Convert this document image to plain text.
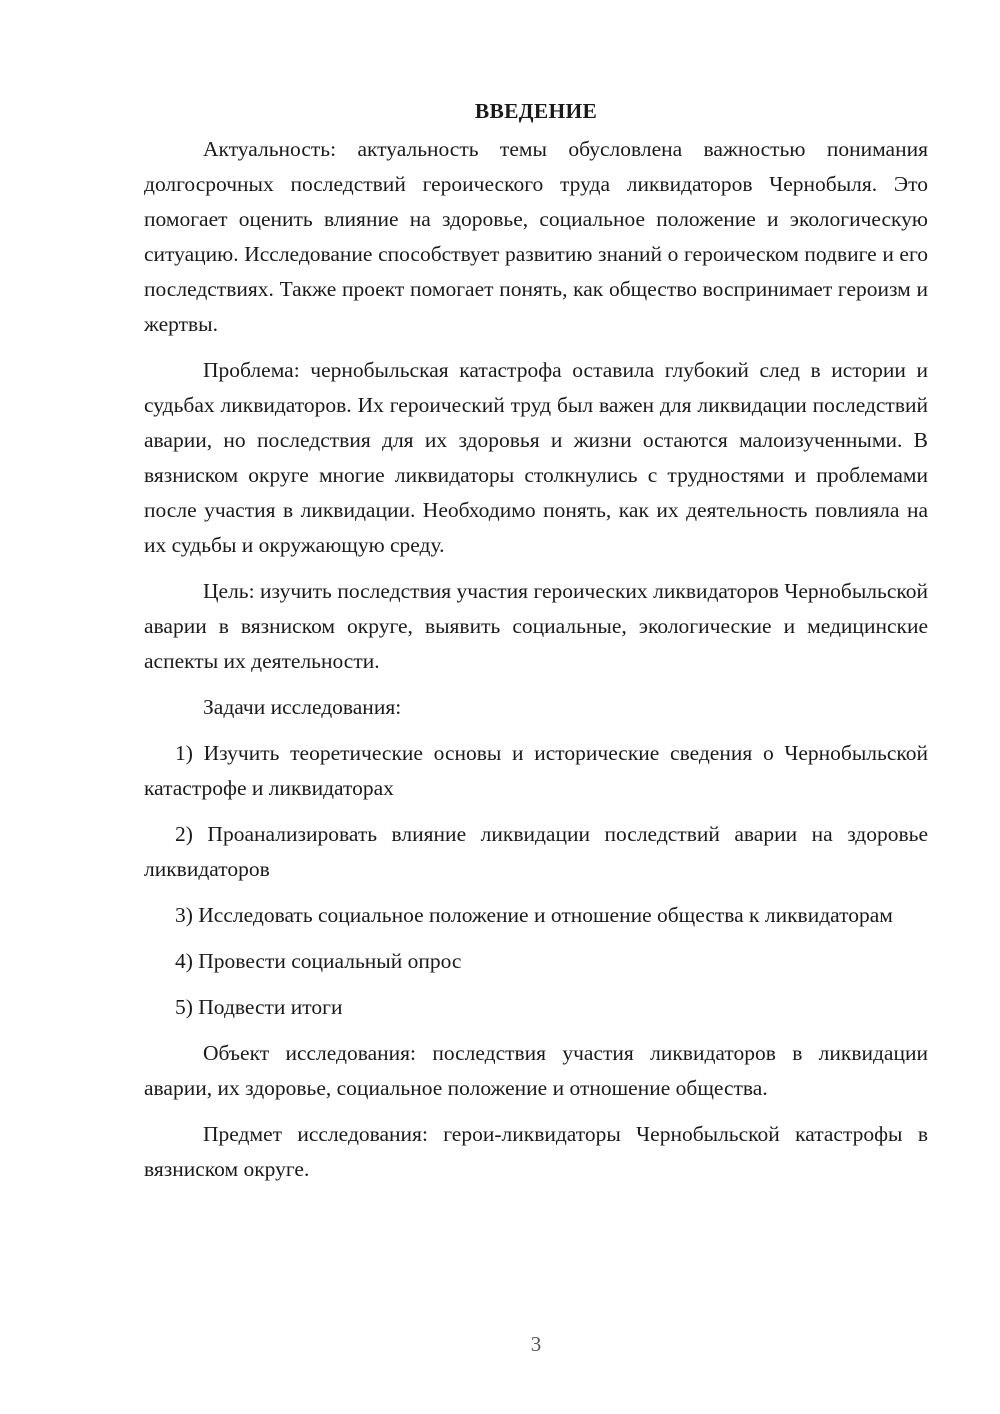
ВВЕДЕНИЕ

Актуальность: актуальность темы обусловлена важностью понимания долгосрочных последствий героического труда ликвидаторов Чернобыля. Это помогает оценить влияние на здоровье, социальное положение и экологическую ситуацию. Исследование способствует развитию знаний о героическом подвиге и его последствиях. Также проект помогает понять, как общество воспринимает героизм и жертвы.

Проблема: чернобыльская катастрофа оставила глубокий след в истории и судьбах ликвидаторов. Их героический труд был важен для ликвидации последствий аварии, но последствия для их здоровья и жизни остаются малоизученными. В вязниском округе многие ликвидаторы столкнулись с трудностями и проблемами после участия в ликвидации. Необходимо понять, как их деятельность повлияла на их судьбы и окружающую среду.

Цель: изучить последствия участия героических ликвидаторов Чернобыльской аварии в вязниском округе, выявить социальные, экологические и медицинские аспекты их деятельности.

Задачи исследования:

1) Изучить теоретические основы и исторические сведения о Чернобыльской катастрофе и ликвидаторах

2) Проанализировать влияние ликвидации последствий аварии на здоровье ликвидаторов

3) Исследовать социальное положение и отношение общества к ликвидаторам

4) Провести социальный опрос

5) Подвести итоги

Объект исследования: последствия участия ликвидаторов в ликвидации аварии, их здоровье, социальное положение и отношение общества.

Предмет исследования: герои-ликвидаторы Чернобыльской катастрофы в вязниском округе.

3
